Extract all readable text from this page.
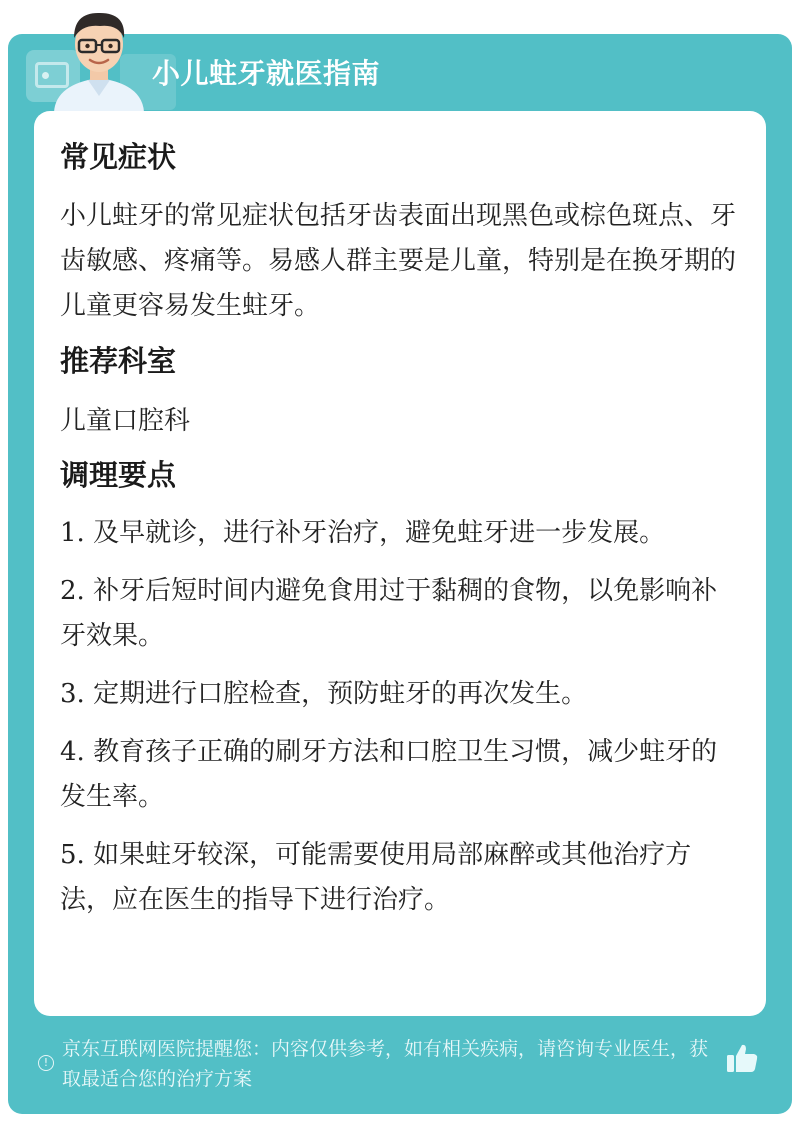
小儿蛀牙就医指南
常见症状

小儿蛀牙的常见症状包括牙齿表面出现黑色或棕色斑点、牙齿敏感、疼痛等。易感人群主要是儿童，特别是在换牙期的儿童更容易发生蛀牙。

推荐科室

儿童口腔科

调理要点
1. 及早就诊，进行补牙治疗，避免蛀牙进一步发展。
2. 补牙后短时间内避免食用过于黏稠的食物，以免影响补牙效果。
3. 定期进行口腔检查，预防蛀牙的再次发生。
4. 教育孩子正确的刷牙方法和口腔卫生习惯，减少蛀牙的发生率。
5. 如果蛀牙较深，可能需要使用局部麻醉或其他治疗方法，应在医生的指导下进行治疗。
!
京东互联网医院提醒您：内容仅供参考，如有相关疾病，请咨询专业医生，获取最适合您的治疗方案
